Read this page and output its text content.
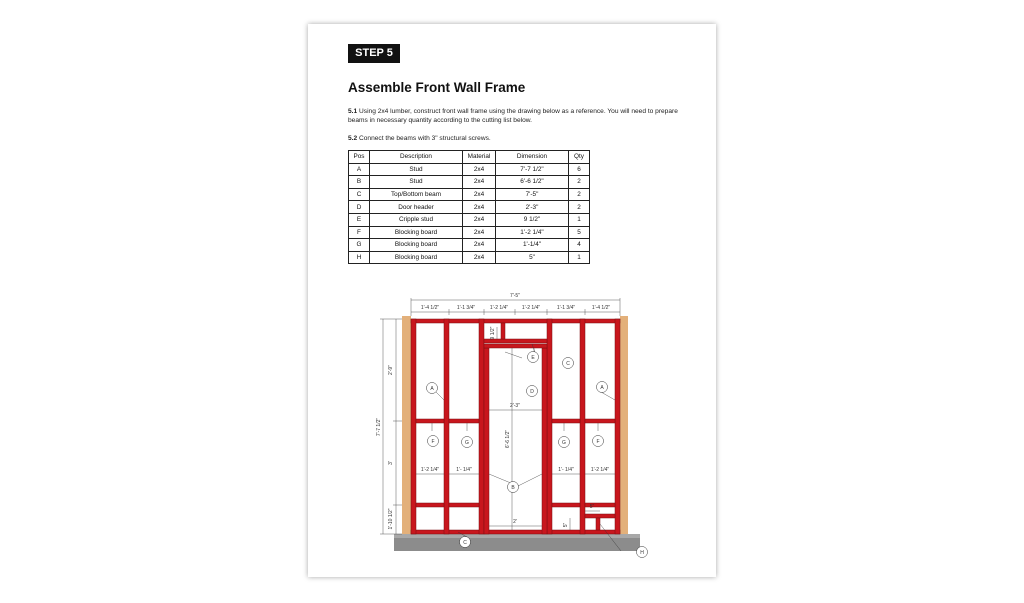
STEP 5
Assemble Front Wall Frame

5.1 Using 2x4 lumber, construct front wall frame using the drawing below as a reference. You will need to prepare beams in necessary quantity according to the cutting list below.

5.2 Connect the beams with 3" structural screws.

Pos	Description	Material	Dimension	Qty
A	Stud	2x4	7'-7 1/2"	6
B	Stud	2x4	6'-6 1/2"	2
C	Top/Bottom beam	2x4	7'-5"	2
D	Door header	2x4	2'-3"	2
E	Cripple stud	2x4	9 1/2"	1
F	Blocking board	2x4	1'-2 1/4"	5
G	Blocking board	2x4	1'-1/4"	4
H	Blocking board	2x4	5"	1
7'-5"
1'-4 1/2"	1'-1 3/4"	1'-2 1/4"	1'-2 1/4"	1'-1 3/4"	1'-4 1/2"
7'-7 1/2"
2'-9"
3'
1'-10 1/2"
9 1/2"
6'-6 1/2"
2'-3"
2'
1'-2 1/4"	1'- 1/4"	1'- 1/4"	1'-2 1/4"
5"
5"
A	A
E
C
F	G	G	F
B
C
D
H
